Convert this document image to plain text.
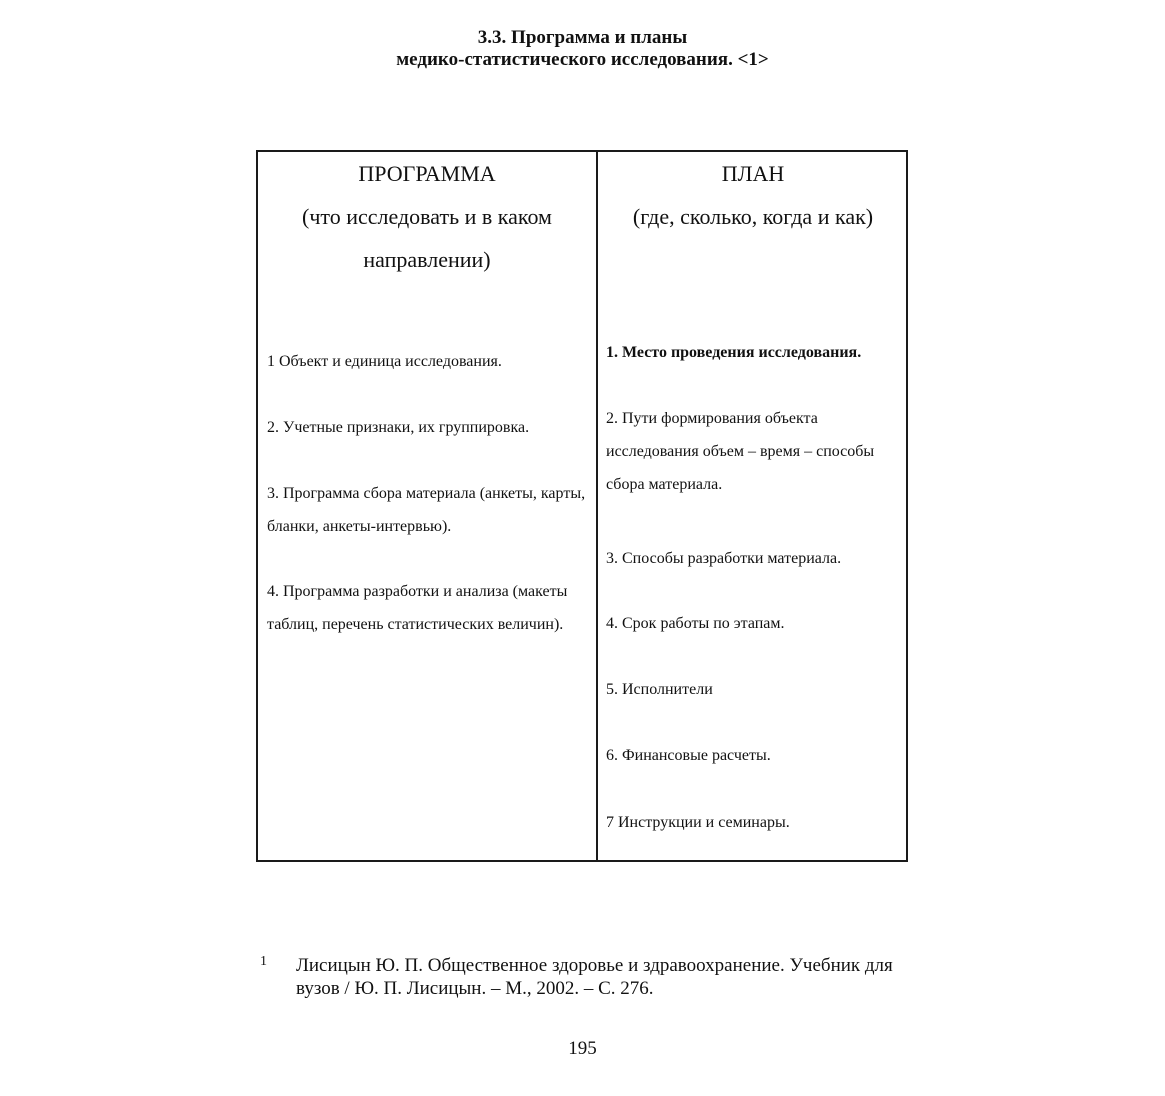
3.3. Программа и планы
медико-статистического исследования. <1>
ПРОГРАММА
(что исследовать и в каком направлении)
ПЛАН
(где, сколько, когда и как)
1 Объект и единица исследования.
2. Учетные признаки, их группировка.
3. Программа сбора материала (анкеты, карты, бланки, анкеты-интервью).
4. Программа разработки и анализа (макеты таблиц, перечень статистических величин).
1. Место проведения исследования.
2. Пути формирования объекта исследования объем – время – способы сбора материала.
3. Способы разработки материала.
4. Срок работы по этапам.
5. Исполнители
6. Финансовые расчеты.
7 Инструкции и семинары.
1 Лисицын Ю. П. Общественное здоровье и здравоохранение. Учебник для вузов / Ю. П. Лисицын. – М., 2002. – С. 276.
195
